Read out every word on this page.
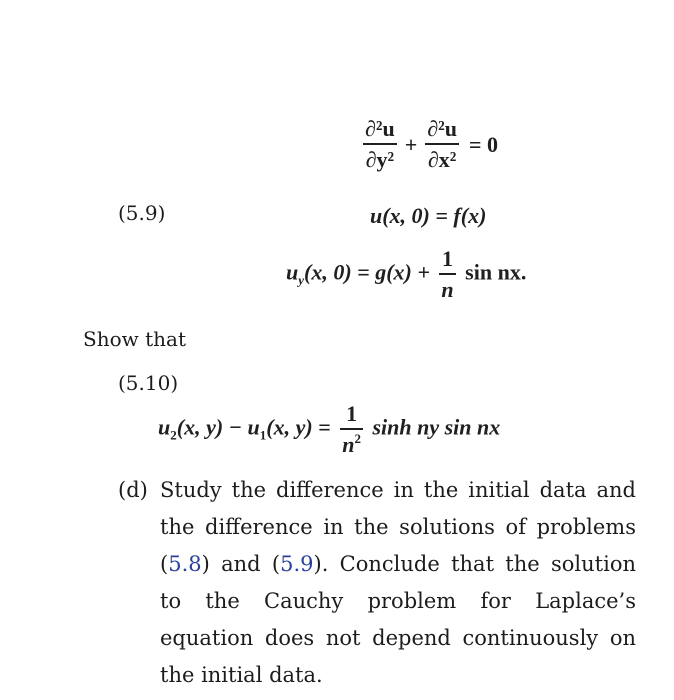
$\frac{\text{∂²u}}{\text{∂y²}} + \frac{\text{∂²u}}{\text{∂x²}} = 0$
(5.9)	u(x, 0) = f(x)
$u_y(x$, $0) = g(x) + \frac{1}{n}$ sin nx.
Show that
(5.10)
$u_2(x$, $y) - u_1(x$, $y) = \frac{1}{n^2}$ sinh ny sin nx
(d) Study the difference in the initial data and
the difference in the solutions of problems
(5.8) and (5.9). Conclude that the solution
to the Cauchy problem for Laplace’s
equation does not depend continuously on
the initial data.
